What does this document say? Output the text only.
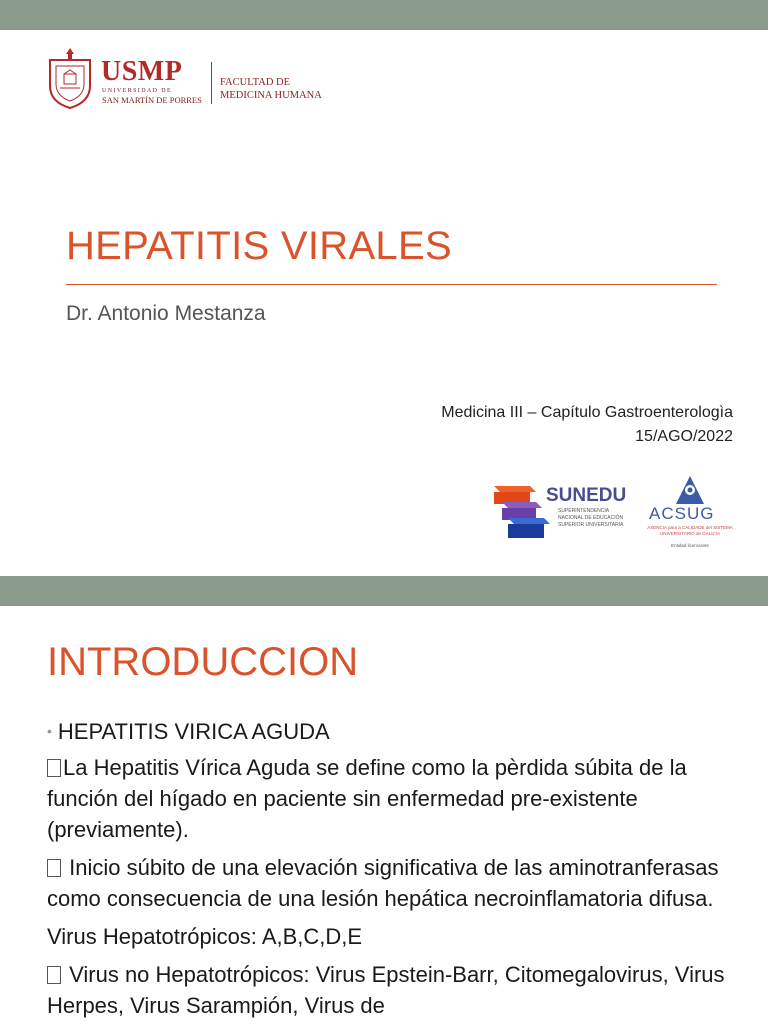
USMP
UNIVERSIDAD DE
SAN MARTÍN DE PORRES
FACULTAD DE
MEDICINA HUMANA
HEPATITIS VIRALES
Dr. Antonio Mestanza
Medicina III – Capítulo Gastroenterologìa
15/AGO/2022
SUNEDU
SUPERINTENDENCIA
NACIONAL DE EDUCACIÓN
SUPERIOR UNIVERSITARIA
ACSUG
AXENCIA para a CALIDADE del SISTEMA UNIVERSITARIO de GALICIA
Entidad licenciante
INTRODUCCION
• HEPATITIS VIRICA AGUDA
La Hepatitis Vírica Aguda se define como la pèrdida súbita de la función del hígado en paciente sin enfermedad pre-existente (previamente).
Inicio súbito de una elevación significativa de las aminotranferasas como consecuencia de una lesión hepática necroinflamatoria difusa.
Virus Hepatotrópicos: A,B,C,D,E
Virus no Hepatotrópicos: Virus Epstein-Barr, Citomegalovirus, Virus Herpes, Virus Sarampión, Virus de
